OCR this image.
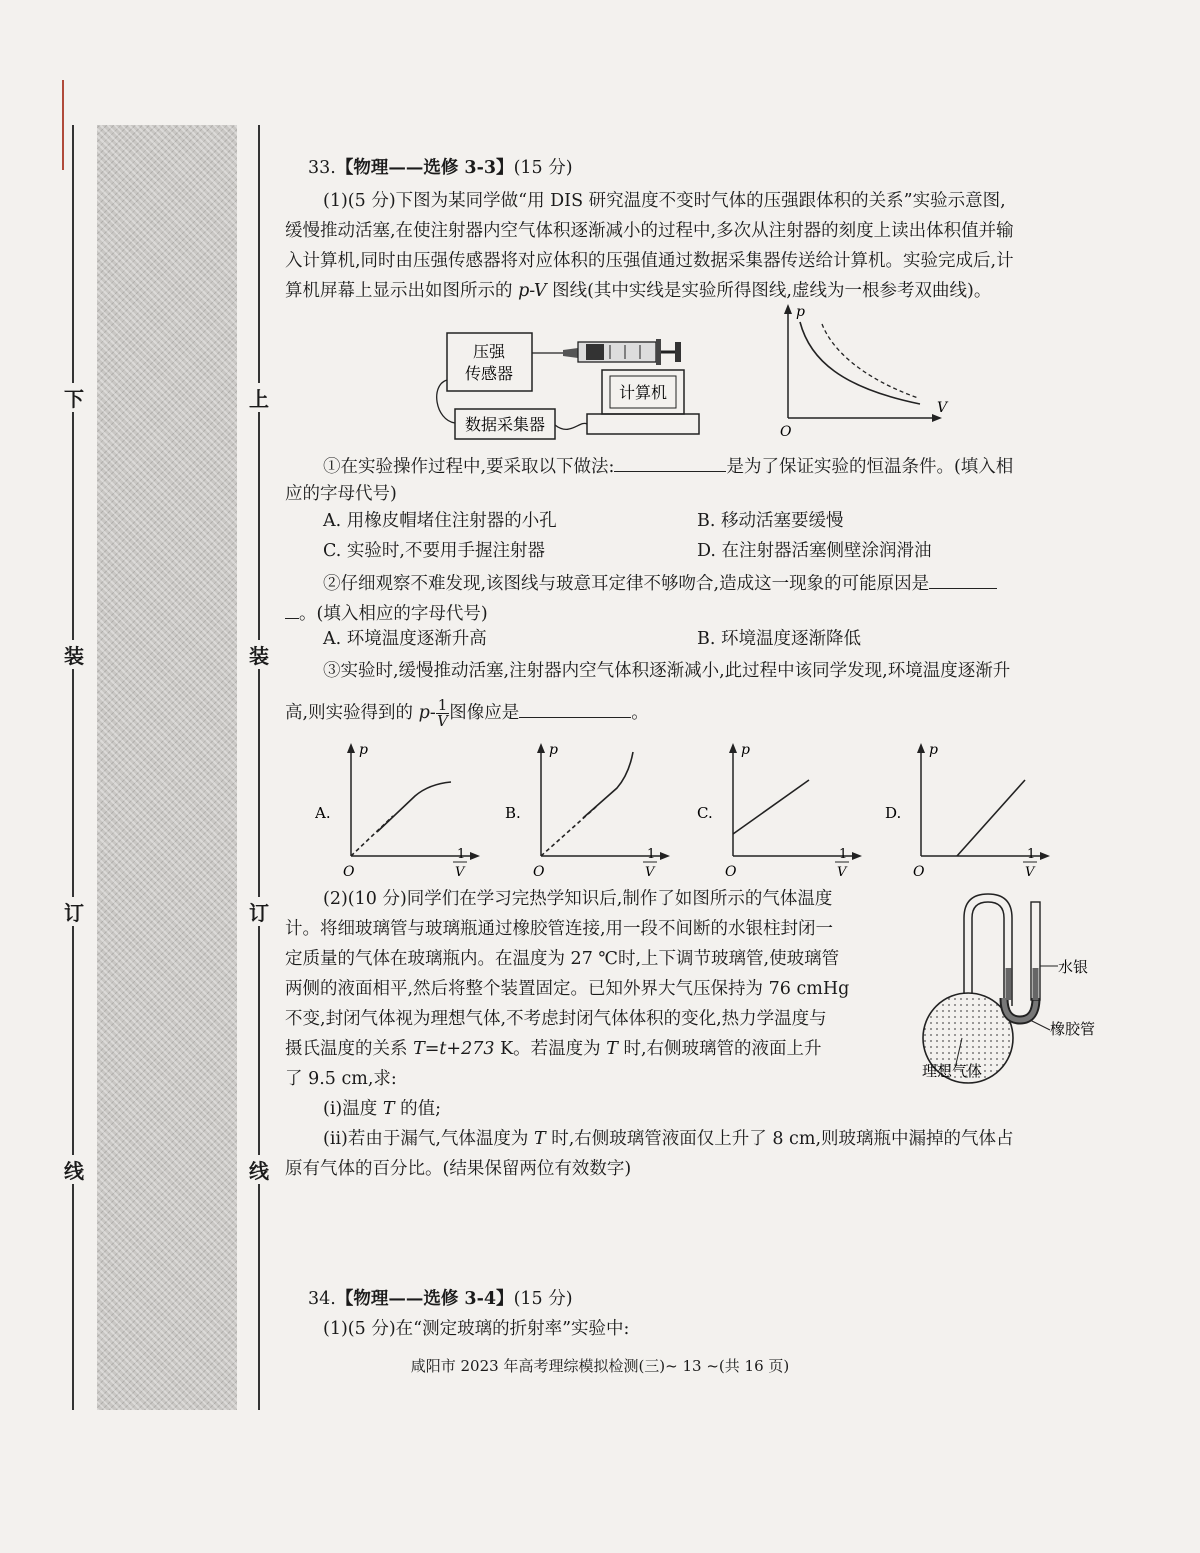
下
装
订
线
上
装
订
线
33.【物理——选修 3-3】(15 分)
(1)(5 分)下图为某同学做“用 DIS 研究温度不变时气体的压强跟体积的关系”实验示意图,
缓慢推动活塞,在使注射器内空气体积逐渐减小的过程中,多次从注射器的刻度上读出体积值并输
入计算机,同时由压强传感器将对应体积的压强值通过数据采集器传送给计算机。实验完成后,计
算机屏幕上显示出如图所示的 p-V 图线(其中实线是实验所得图线,虚线为一根参考双曲线)。
压强
传感器
计算机
数据采集器
p
V
O
①在实验操作过程中,要采取以下做法:	是为了保证实验的恒温条件。(填入相
应的字母代号)
A. 用橡皮帽堵住注射器的小孔	B. 移动活塞要缓慢
C. 实验时,不要用手握注射器	D. 在注射器活塞侧壁涂润滑油
②仔细观察不难发现,该图线与玻意耳定律不够吻合,造成这一现象的可能原因是
。(填入相应的字母代号)
A. 环境温度逐渐升高	B. 环境温度逐渐降低
③实验时,缓慢推动活塞,注射器内空气体积逐渐减小,此过程中该同学发现,环境温度逐渐升
高,则实验得到的 $p- \frac{1}{V}$ 图像应是	。
A.
p
O
1
V
B.
p
O
1
V
C.
p
O
1
V
D.
p
O
1
V
(2)(10 分)同学们在学习完热学知识后,制作了如图所示的气体温度
计。将细玻璃管与玻璃瓶通过橡胶管连接,用一段不间断的水银柱封闭一
定质量的气体在玻璃瓶内。在温度为 27 ℃时,上下调节玻璃管,使玻璃管
两侧的液面相平,然后将整个装置固定。已知外界大气压保持为 76 cmHg
不变,封闭气体视为理想气体,不考虑封闭气体体积的变化,热力学温度与
摄氏温度的关系 T=t+273 K。若温度为 T 时,右侧玻璃管的液面上升
了 9.5 cm,求:
(ⅰ)温度 T 的值;
(ⅱ)若由于漏气,气体温度为 T 时,右侧玻璃管液面仅上升了 8 cm,则玻璃瓶中漏掉的气体占
原有气体的百分比。(结果保留两位有效数字)
水银
橡胶管
理想气体
34.【物理——选修 3-4】(15 分)
(1)(5 分)在“测定玻璃的折射率”实验中:
咸阳市 2023 年高考理综模拟检测(三)~ 13 ~(共 16 页)
